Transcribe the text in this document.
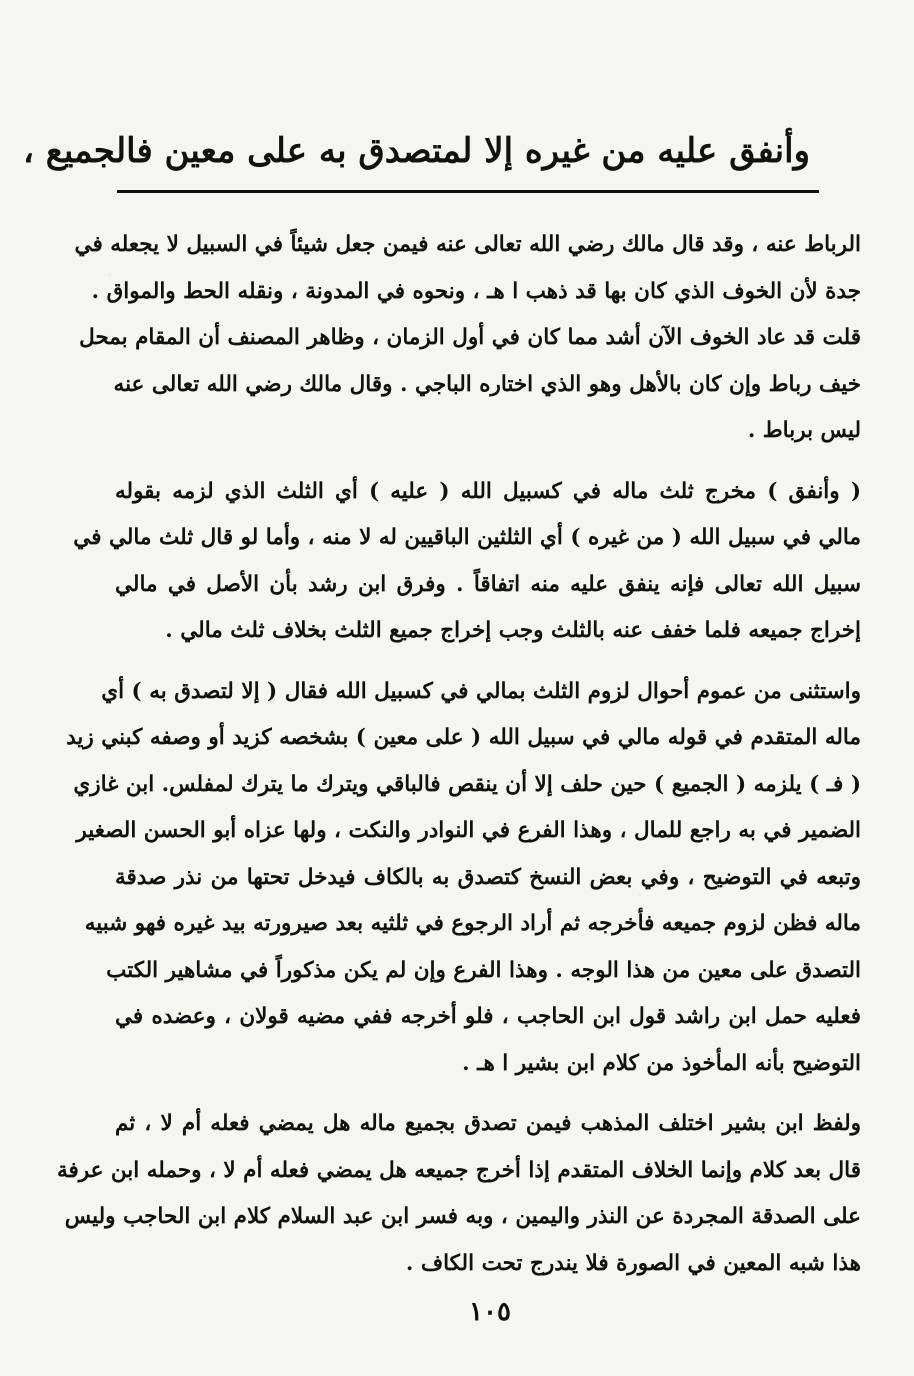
وأنفق عليه من غيره إلا لمتصدق به على معين فالجميع ،
الرباط عنه ، وقد قال مالك رضي الله تعالى عنه فيمن جعل شيئاً في السبيل لا يجعله في
جدة لأن الخوف الذي كان بها قد ذهب ا هـ ، ونحوه في المدونة ، ونقله الحط والمواق .
قلت قد عاد الخوف الآن أشد مما كان في أول الزمان ، وظاهر المصنف أن المقام بمحل
خيف رباط وإن كان بالأهل وهو الذي اختاره الباجي . وقال مالك رضي الله تعالى عنه
ليس برباط .
( وأنفق ) مخرج ثلث ماله في كسبيل الله ( عليه ) أي الثلث الذي لزمه بقوله
مالي في سبيل الله ( من غيره ) أي الثلثين الباقيين له لا منه ، وأما لو قال ثلث مالي في
سبيل الله تعالى فإنه ينفق عليه منه اتفاقاً . وفرق ابن رشد بأن الأصل في مالي
إخراج جميعه فلما خفف عنه بالثلث وجب إخراج جميع الثلث بخلاف ثلث مالي .
واستثنى من عموم أحوال لزوم الثلث بمالي في كسبيل الله فقال ( إلا لتصدق به ) أي
ماله المتقدم في قوله مالي في سبيل الله ( على معين ) بشخصه كزيد أو وصفه كبني زيد
( فـ ) يلزمه ( الجميع ) حين حلف إلا أن ينقص فالباقي ويترك ما يترك لمفلس. ابن غازي
الضمير في به راجع للمال ، وهذا الفرع في النوادر والنكت ، ولها عزاه أبو الحسن الصغير
وتبعه في التوضيح ، وفي بعض النسخ كتصدق به بالكاف فيدخل تحتها من نذر صدقة
ماله فظن لزوم جميعه فأخرجه ثم أراد الرجوع في ثلثيه بعد صيرورته بيد غيره فهو شبيه
التصدق على معين من هذا الوجه . وهذا الفرع وإن لم يكن مذكوراً في مشاهير الكتب
فعليه حمل ابن راشد قول ابن الحاجب ، فلو أخرجه ففي مضيه قولان ، وعضده في
التوضيح بأنه المأخوذ من كلام ابن بشير ا هـ .
ولفظ ابن بشير اختلف المذهب فيمن تصدق بجميع ماله هل يمضي فعله أم لا ، ثم
قال بعد كلام وإنما الخلاف المتقدم إذا أخرج جميعه هل يمضي فعله أم لا ، وحمله ابن عرفة
على الصدقة المجردة عن النذر واليمين ، وبه فسر ابن عبد السلام كلام ابن الحاجب وليس
هذا شبه المعين في الصورة فلا يندرج تحت الكاف .
١٠٥
